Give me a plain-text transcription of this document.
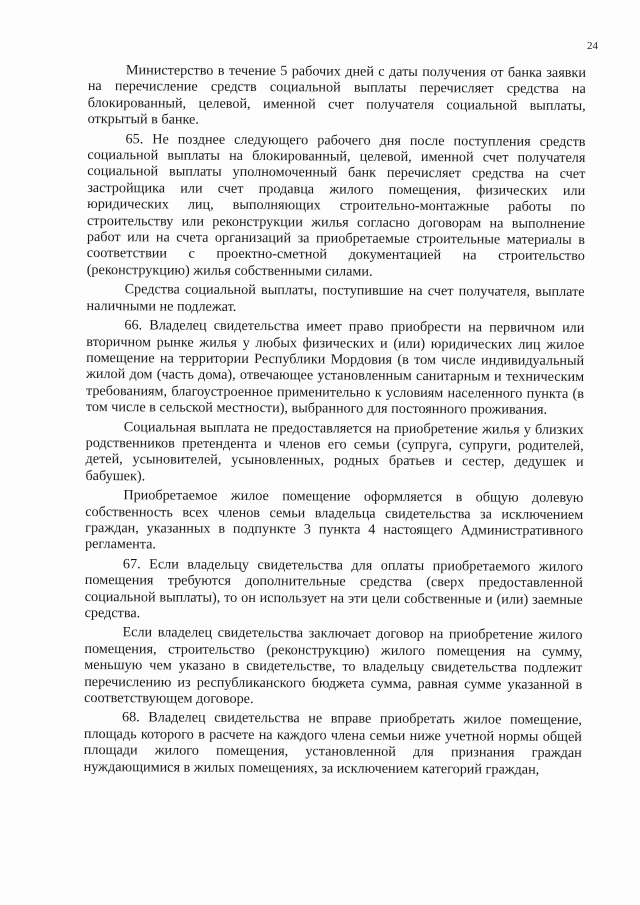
24

Министерство в течение 5 рабочих дней с даты получения от банка заявки на перечисление средств социальной выплаты перечисляет средства на блокированный, целевой, именной счет получателя социальной выплаты, открытый в банке.

65. Не позднее следующего рабочего дня после поступления средств социальной выплаты на блокированный, целевой, именной счет получателя социальной выплаты уполномоченный банк перечисляет средства на счет застройщика или счет продавца жилого помещения, физических или юридических лиц, выполняющих строительно-монтажные работы по строительству или реконструкции жилья согласно договорам на выполнение работ или на счета организаций за приобретаемые строительные материалы в соответствии с проектно-сметной документацией на строительство (реконструкцию) жилья собственными силами.

Средства социальной выплаты, поступившие на счет получателя, выплате наличными не подлежат.

66. Владелец свидетельства имеет право приобрести на первичном или вторичном рынке жилья у любых физических и (или) юридических лиц жилое помещение на территории Республики Мордовия (в том числе индивидуальный жилой дом (часть дома), отвечающее установленным санитарным и техническим требованиям, благоустроенное применительно к условиям населенного пункта (в том числе в сельской местности), выбранного для постоянного проживания.

Социальная выплата не предоставляется на приобретение жилья у близких родственников претендента и членов его семьи (супруга, супруги, родителей, детей, усыновителей, усыновленных, родных братьев и сестер, дедушек и бабушек).

Приобретаемое жилое помещение оформляется в общую долевую собственность всех членов семьи владельца свидетельства за исключением граждан, указанных в подпункте 3 пункта 4 настоящего Административного регламента.

67. Если владельцу свидетельства для оплаты приобретаемого жилого помещения требуются дополнительные средства (сверх предоставленной социальной выплаты), то он использует на эти цели собственные и (или) заемные средства.

Если владелец свидетельства заключает договор на приобретение жилого помещения, строительство (реконструкцию) жилого помещения на сумму, меньшую чем указано в свидетельстве, то владельцу свидетельства подлежит перечислению из республиканского бюджета сумма, равная сумме указанной в соответствующем договоре.

68. Владелец свидетельства не вправе приобретать жилое помещение, площадь которого в расчете на каждого члена семьи ниже учетной нормы общей площади жилого помещения, установленной для признания граждан нуждающимися в жилых помещениях, за исключением категорий граждан,
